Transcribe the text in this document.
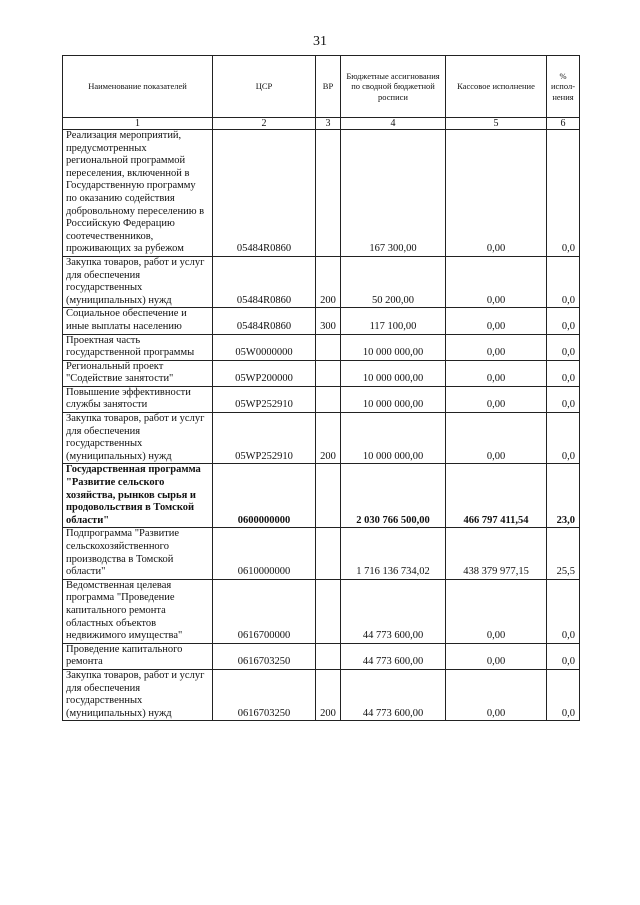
31
Наименование показателей	ЦСР	ВР	Бюджетные ассигнования по сводной бюджетной росписи	Кассовое исполнение	% испол-нения
1	2	3	4	5	6
Реализация мероприятий, предусмотренных региональной программой переселения, включенной в Государственную программу по оказанию содействия добровольному переселению в Российскую Федерацию соотечественников, проживающих за рубежом	05484R0860		167 300,00	0,00	0,0
Закупка товаров, работ и услуг для обеспечения государственных (муниципальных) нужд	05484R0860	200	50 200,00	0,00	0,0
Социальное обеспечение и иные выплаты населению	05484R0860	300	117 100,00	0,00	0,0
Проектная часть государственной программы	05W0000000		10 000 000,00	0,00	0,0
Региональный проект "Содействие занятости"	05WP200000		10 000 000,00	0,00	0,0
Повышение эффективности службы занятости	05WP252910		10 000 000,00	0,00	0,0
Закупка товаров, работ и услуг для обеспечения государственных (муниципальных) нужд	05WP252910	200	10 000 000,00	0,00	0,0
Государственная программа "Развитие сельского хозяйства, рынков сырья и продовольствия в Томской области"	0600000000		2 030 766 500,00	466 797 411,54	23,0
Подпрограмма "Развитие сельскохозяйственного производства в Томской области"	0610000000		1 716 136 734,02	438 379 977,15	25,5
Ведомственная целевая программа "Проведение капитального ремонта областных объектов недвижимого имущества"	0616700000		44 773 600,00	0,00	0,0
Проведение капитального ремонта	0616703250		44 773 600,00	0,00	0,0
Закупка товаров, работ и услуг для обеспечения государственных (муниципальных) нужд	0616703250	200	44 773 600,00	0,00	0,0
